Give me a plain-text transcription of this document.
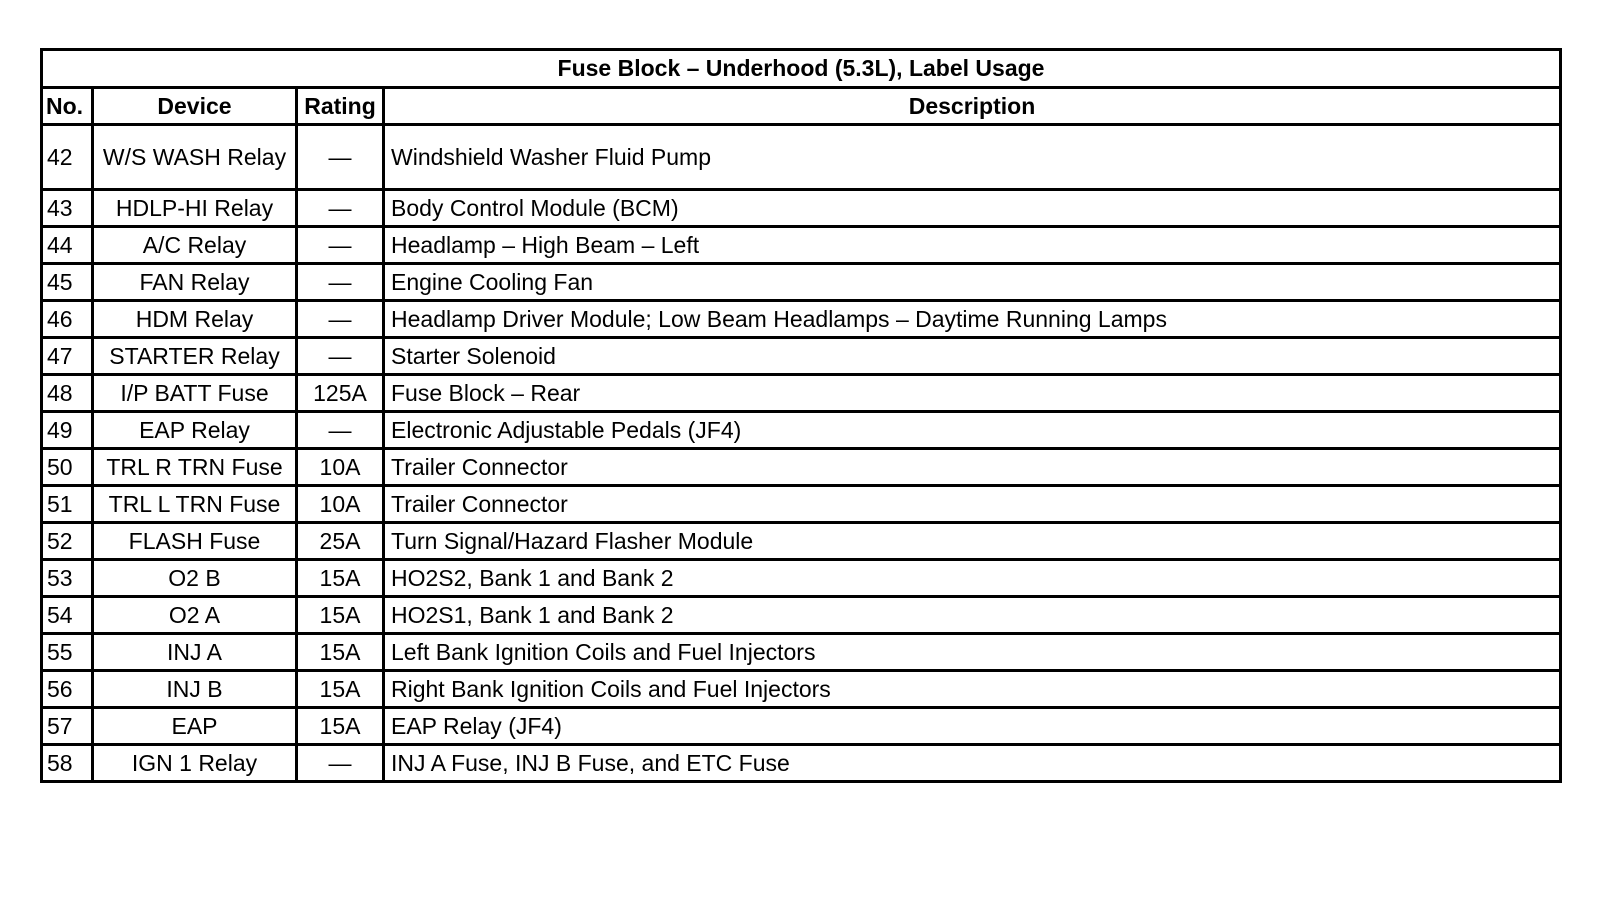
Fuse Block – Underhood (5.3L), Label Usage			
No.	Device	Rating	Description
42	W/S WASH Relay	—	Windshield Washer Fluid Pump
43	HDLP-HI Relay	—	Body Control Module (BCM)
44	A/C Relay	—	Headlamp – High Beam – Left
45	FAN Relay	—	Engine Cooling Fan
46	HDM Relay	—	Headlamp Driver Module; Low Beam Headlamps – Daytime Running Lamps
47	STARTER Relay	—	Starter Solenoid
48	I/P BATT Fuse	125A	Fuse Block – Rear
49	EAP Relay	—	Electronic Adjustable Pedals (JF4)
50	TRL R TRN Fuse	10A	Trailer Connector
51	TRL L TRN Fuse	10A	Trailer Connector
52	FLASH Fuse	25A	Turn Signal/Hazard Flasher Module
53	O2 B	15A	HO2S2, Bank 1 and Bank 2
54	O2 A	15A	HO2S1, Bank 1 and Bank 2
55	INJ A	15A	Left Bank Ignition Coils and Fuel Injectors
56	INJ B	15A	Right Bank Ignition Coils and Fuel Injectors
57	EAP	15A	EAP Relay (JF4)
58	IGN 1 Relay	—	INJ A Fuse, INJ B Fuse, and ETC Fuse
